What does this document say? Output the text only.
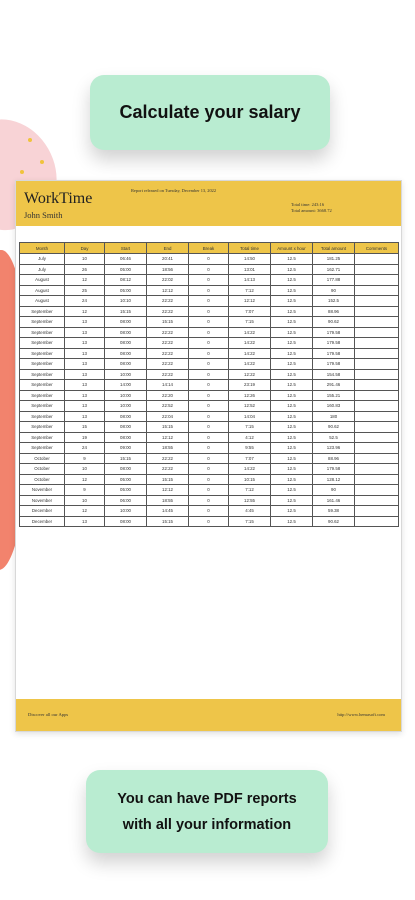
Calculate your salary
WorkTime
John Smith
Report released on Tuesday, December 13, 2022
Total time: 243:16
Total amount: 3668.72
Month	Day	Start	End	Break	Total time	Amount x hour	Total amount	Comments
July	10	06:46	20:41	0	14:50	12.5	181.25	
July	26	05:00	18:56	0	13:01	12.5	162.71	
August	12	08:12	22:02	0	14:13	12.5	177.88	
August	25	05:00	12:12	0	7:12	12.5	90	
August	24	10:10	22:22	0	12:12	12.5	152.5	
September	12	15:15	22:22	0	7:07	12.5	88.96	
September	13	08:00	15:15	0	7:15	12.5	90.62	
September	13	08:00	22:22	0	14:22	12.5	179.58	
September	13	08:00	22:22	0	14:22	12.5	179.58	
September	13	08:00	22:22	0	14:22	12.5	179.58	
September	13	08:00	22:22	0	14:22	12.5	179.58	
September	13	10:00	22:22	0	12:22	12.5	154.58	
September	13	14:00	14:14	0	23:19	12.5	291.46	
September	13	10:00	22:20	0	12:26	12.5	155.21	
September	13	10:00	22:52	0	12:52	12.5	160.83	
September	13	08:00	22:04	0	14:04	12.5	180	
September	15	08:00	15:15	0	7:15	12.5	90.62	
September	19	08:00	12:12	0	4:12	12.5	52.5	
September	24	09:00	18:55	0	9:55	12.5	123.96	
October	9	15:15	22:22	0	7:07	12.5	88.96	
October	10	08:00	22:22	0	14:22	12.5	179.58	
October	12	05:00	15:15	0	10:15	12.5	128.12	
November	9	05:00	12:12	0	7:12	12.5	90	
November	10	06:00	18:55	0	12:55	12.5	161.46	
December	12	10:00	14:45	0	4:45	12.5	59.38	
December	13	08:00	15:15	0	7:15	12.5	90.62	
Discover all our Apps	http://www.hemasoft.com
You can have PDF reports
with all your information
